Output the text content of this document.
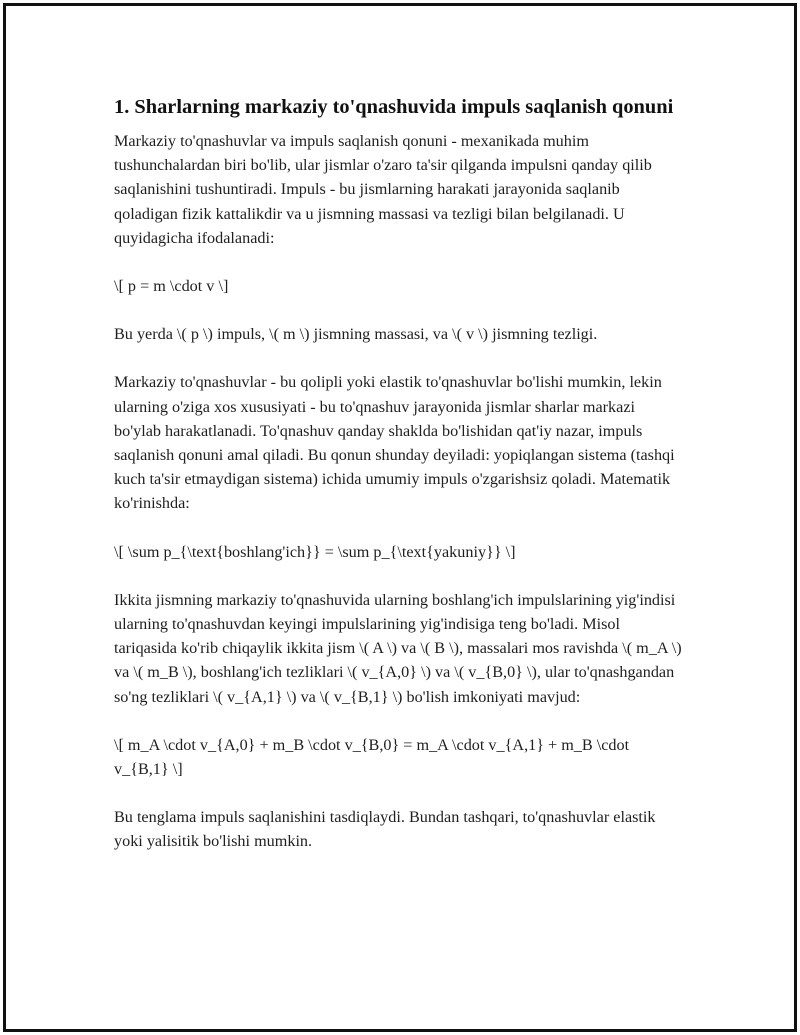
1. Sharlarning markaziy to'qnashuvida impuls saqlanish qonuni

Markaziy to'qnashuvlar va impuls saqlanish qonuni - mexanikada muhim tushunchalardan biri bo'lib, ular jismlar o'zaro ta'sir qilganda impulsni qanday qilib saqlanishini tushuntiradi. Impuls - bu jismlarning harakati jarayonida saqlanib qoladigan fizik kattalikdir va u jismning massasi va tezligi bilan belgilanadi. U quyidagicha ifodalanadi:

\[ p = m \cdot v \]

Bu yerda \( p \) impuls, \( m \) jismning massasi, va \( v \) jismning tezligi.

Markaziy to'qnashuvlar - bu qolipli yoki elastik to'qnashuvlar bo'lishi mumkin, lekin ularning o'ziga xos xususiyati - bu to'qnashuv jarayonida jismlar sharlar markazi bo'ylab harakatlanadi. To'qnashuv qanday shaklda bo'lishidan qat'iy nazar, impuls saqlanish qonuni amal qiladi. Bu qonun shunday deyiladi: yopiqlangan sistema (tashqi kuch ta'sir etmaydigan sistema) ichida umumiy impuls o'zgarishsiz qoladi. Matematik ko'rinishda:

\[ \sum p_{\text{boshlang'ich}} = \sum p_{\text{yakuniy}} \]

Ikkita jismning markaziy to'qnashuvida ularning boshlang'ich impulslarining yig'indisi ularning to'qnashuvdan keyingi impulslarining yig'indisiga teng bo'ladi. Misol tariqasida ko'rib chiqaylik ikkita jism \( A \) va \( B \), massalari mos ravishda \( m_A \) va \( m_B \), boshlang'ich tezliklari \( v_{A,0} \) va \( v_{B,0} \), ular to'qnashgandan so'ng tezliklari \( v_{A,1} \) va \( v_{B,1} \) bo'lish imkoniyati mavjud:

\[ m_A \cdot v_{A,0} + m_B \cdot v_{B,0} = m_A \cdot v_{A,1} + m_B \cdot v_{B,1} \]

Bu tenglama impuls saqlanishini tasdiqlaydi. Bundan tashqari, to'qnashuvlar elastik yoki yalisitik bo'lishi mumkin.
